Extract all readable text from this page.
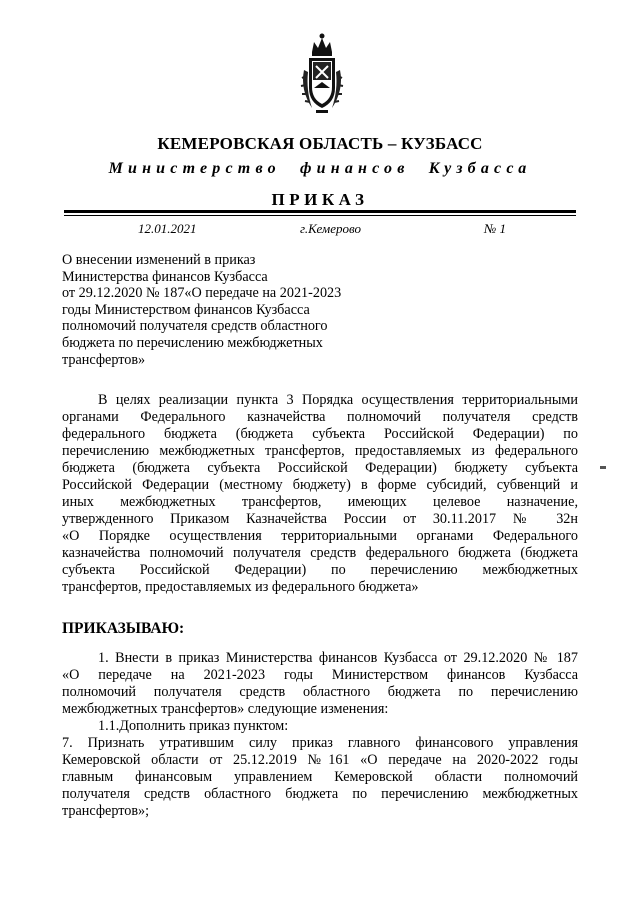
КЕМЕРОВСКАЯ ОБЛАСТЬ – КУЗБАСС
Министерство финансов Кузбасса
ПРИКАЗ
12.01.2021	г.Кемерово	№ 1
О внесении изменений в приказ
Министерства финансов Кузбасса
от 29.12.2020 № 187«О передаче на 2021-2023
годы Министерством финансов Кузбасса
полномочий получателя средств областного
бюджета по перечислению межбюджетных
трансфертов»
В целях реализации пункта 3 Порядка осуществления территориальными
органами Федерального казначейства полномочий получателя средств
федерального бюджета (бюджета субъекта Российской Федерации) по
перечислению межбюджетных трансфертов, предоставляемых из федерального
бюджета (бюджета субъекта Российской Федерации) бюджету субъекта
Российской Федерации (местному бюджету) в форме субсидий, субвенций и
иных межбюджетных трансфертов, имеющих целевое назначение,
утвержденного Приказом Казначейства России от 30.11.2017 № 32н
«О Порядке осуществления территориальными органами Федерального
казначейства полномочий получателя средств федерального бюджета (бюджета
субъекта Российской Федерации) по перечислению межбюджетных
трансфертов, предоставляемых из федерального бюджета»
ПРИКАЗЫВАЮ:
1. Внести в приказ Министерства финансов Кузбасса от 29.12.2020 № 187
«О передаче на 2021-2023 годы Министерством финансов Кузбасса
полномочий получателя средств областного бюджета по перечислению
межбюджетных трансфертов» следующие изменения:
1.1.Дополнить приказ пунктом:
7. Признать утратившим силу приказ главного финансового управления
Кемеровской области от 25.12.2019 №161 «О передаче на 2020-2022 годы
главным финансовым управлением Кемеровской области полномочий
получателя средств областного бюджета по перечислению межбюджетных
трансфертов»;
